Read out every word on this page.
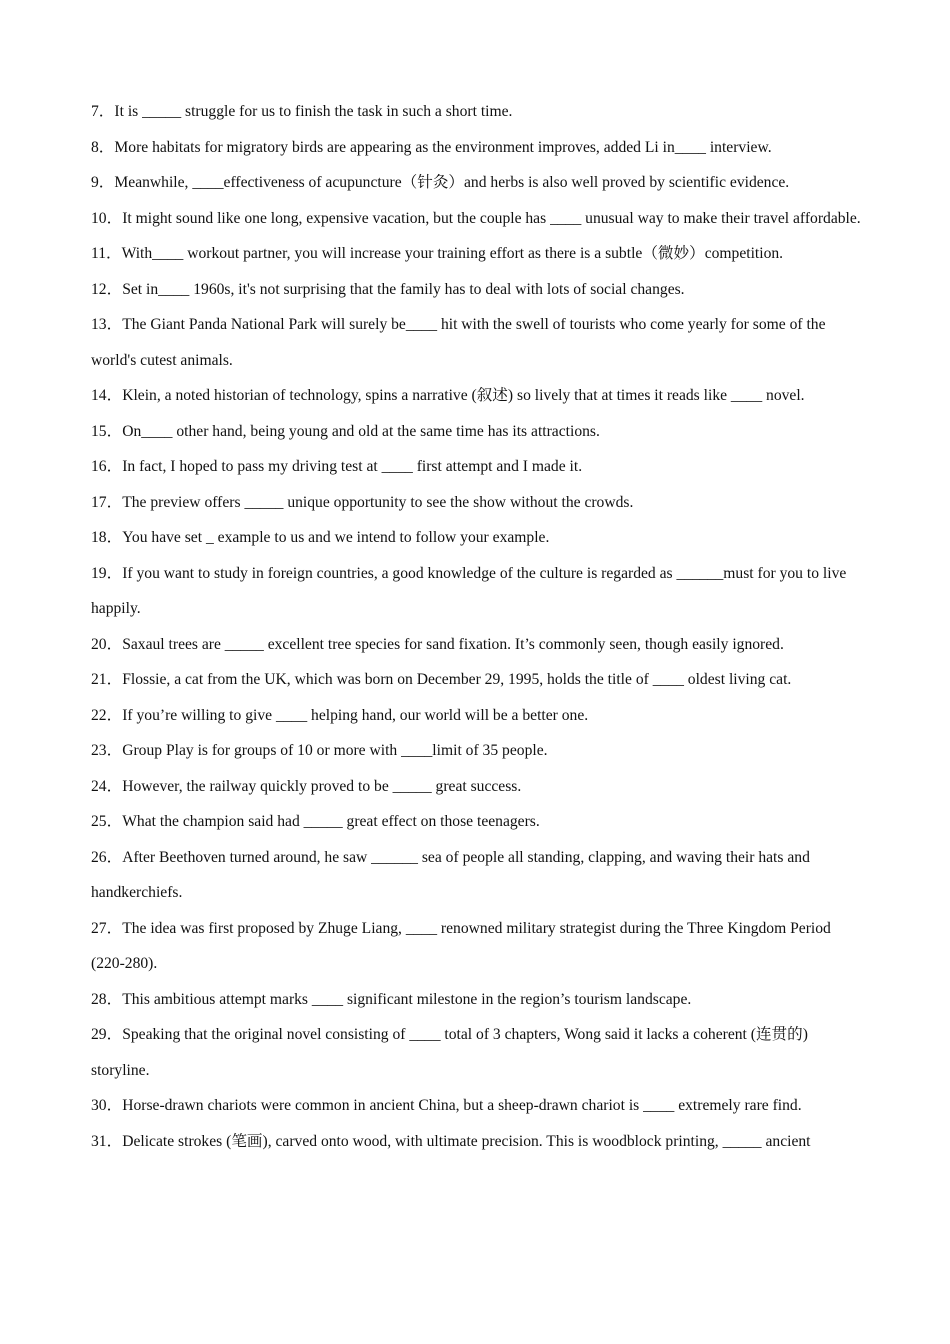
7．It is _____ struggle for us to finish the task in such a short time.

8．More habitats for migratory birds are appearing as the environment improves, added Li in____ interview.

9．Meanwhile, ____effectiveness of acupuncture（针灸）and herbs is also well proved by scientific evidence.

10．It might sound like one long, expensive vacation, but the couple has ____ unusual way to make their travel affordable.

11．With____ workout partner, you will increase your training effort as there is a subtle（微妙）competition.

12．Set in____ 1960s, it's not surprising that the family has to deal with lots of social changes.

13．The Giant Panda National Park will surely be____ hit with the swell of tourists who come yearly for some of the world's cutest animals.

14．Klein, a noted historian of technology, spins a narrative (叙述) so lively that at times it reads like ____ novel.

15．On____ other hand, being young and old at the same time has its attractions.

16．In fact, I hoped to pass my driving test at ____ first attempt and I made it.

17．The preview offers _____ unique opportunity to see the show without the crowds.

18．You have set _ example to us and we intend to follow your example.

19．If you want to study in foreign countries, a good knowledge of the culture is regarded as ______must for you to live happily.

20．Saxaul trees are _____ excellent tree species for sand fixation. It’s commonly seen, though easily ignored.

21．Flossie, a cat from the UK, which was born on December 29, 1995, holds the title of ____ oldest living cat.

22．If you’re willing to give ____ helping hand, our world will be a better one.

23．Group Play is for groups of 10 or more with ____limit of 35 people.

24．However, the railway quickly proved to be _____ great success.

25．What the champion said had _____ great effect on those teenagers.

26．After Beethoven turned around, he saw ______ sea of people all standing, clapping, and waving their hats and handkerchiefs.

27．The idea was first proposed by Zhuge Liang, ____ renowned military strategist during the Three Kingdom Period (220-280).

28．This ambitious attempt marks ____ significant milestone in the region’s tourism landscape.

29．Speaking that the original novel consisting of ____ total of 3 chapters, Wong said it lacks a coherent (连贯的) storyline.

30．Horse-drawn chariots were common in ancient China, but a sheep-drawn chariot is ____ extremely rare find.

31．Delicate strokes (笔画), carved onto wood, with ultimate precision. This is woodblock printing, _____ ancient
